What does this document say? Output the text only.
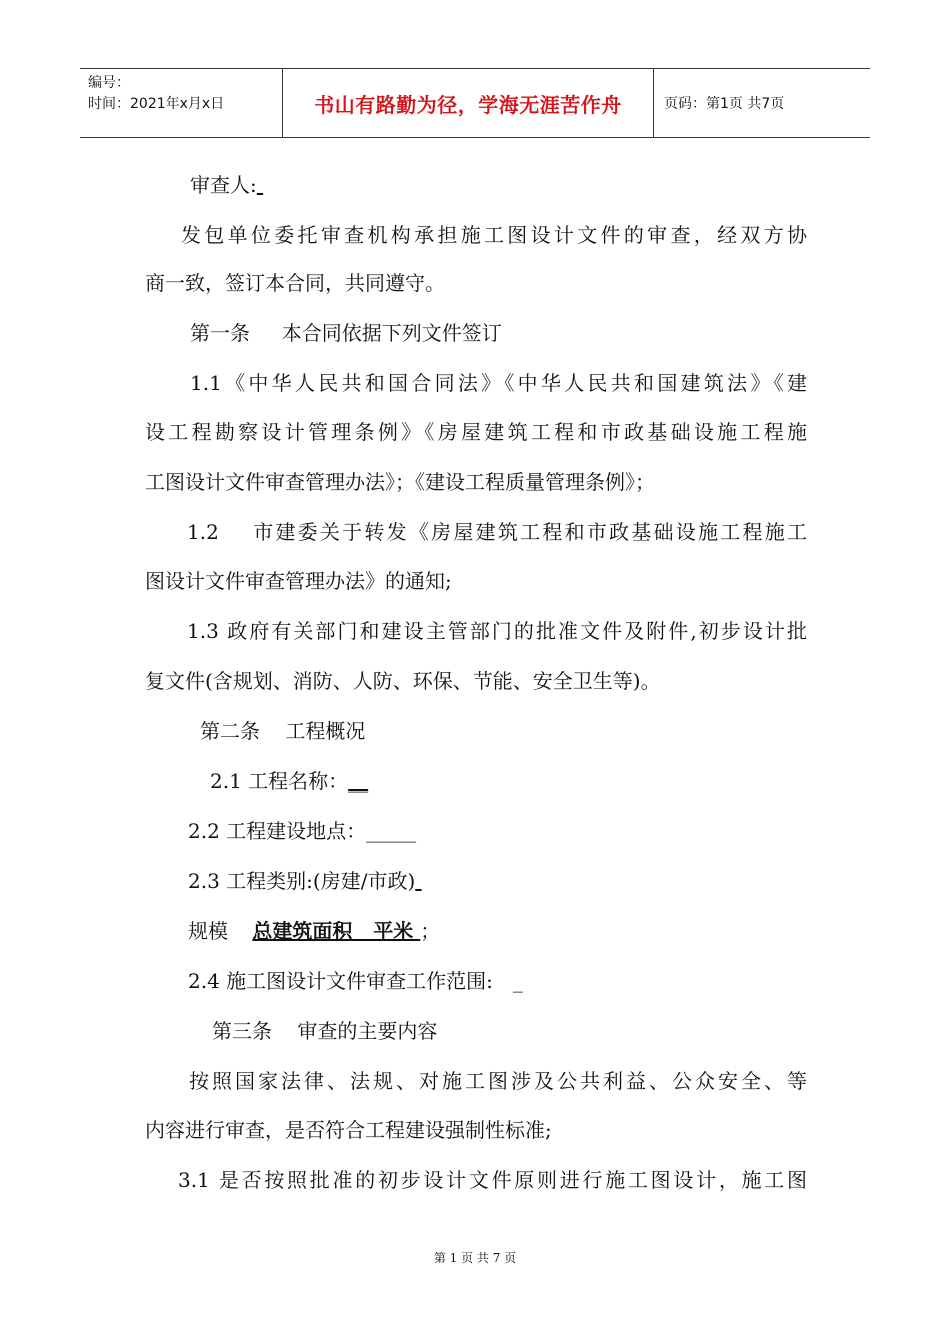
编号：
时间：2021年x月x日	书山有路勤为径，学海无涯苦作舟	页码：第1页 共7页
审查人:
发包单位委托审查机构承担施工图设计文件的审查，经双方协
商一致，签订本合同，共同遵守。
第一条     本合同依据下列文件签订
1.1《中华人民共和国合同法》《中华人民共和国建筑法》《建
设工程勘察设计管理条例》《房屋建筑工程和市政基础设施工程施
工图设计文件审查管理办法》；《建设工程质量管理条例》；
1.2    市建委关于转发《房屋建筑工程和市政基础设施工程施工
图设计文件审查管理办法》的通知;
1.3 政府有关部门和建设主管部门的批准文件及附件,初步设计批
复文件(含规划、消防、人防、环保、节能、安全卫生等)。
第二条    工程概况
2.1 工程名称：__
2.2 工程建设地点：_____
2.3 工程类别:(房建/市政)
规模 总建筑面积   平米 ；
2.4 施工图设计文件审查工作范围: _
第三条    审查的主要内容
按照国家法律、法规、对施工图涉及公共利益、公众安全、等
内容进行审查，是否符合工程建设强制性标准;
3.1 是否按照批准的初步设计文件原则进行施工图设计，施工图
第 1 页 共 7 页
